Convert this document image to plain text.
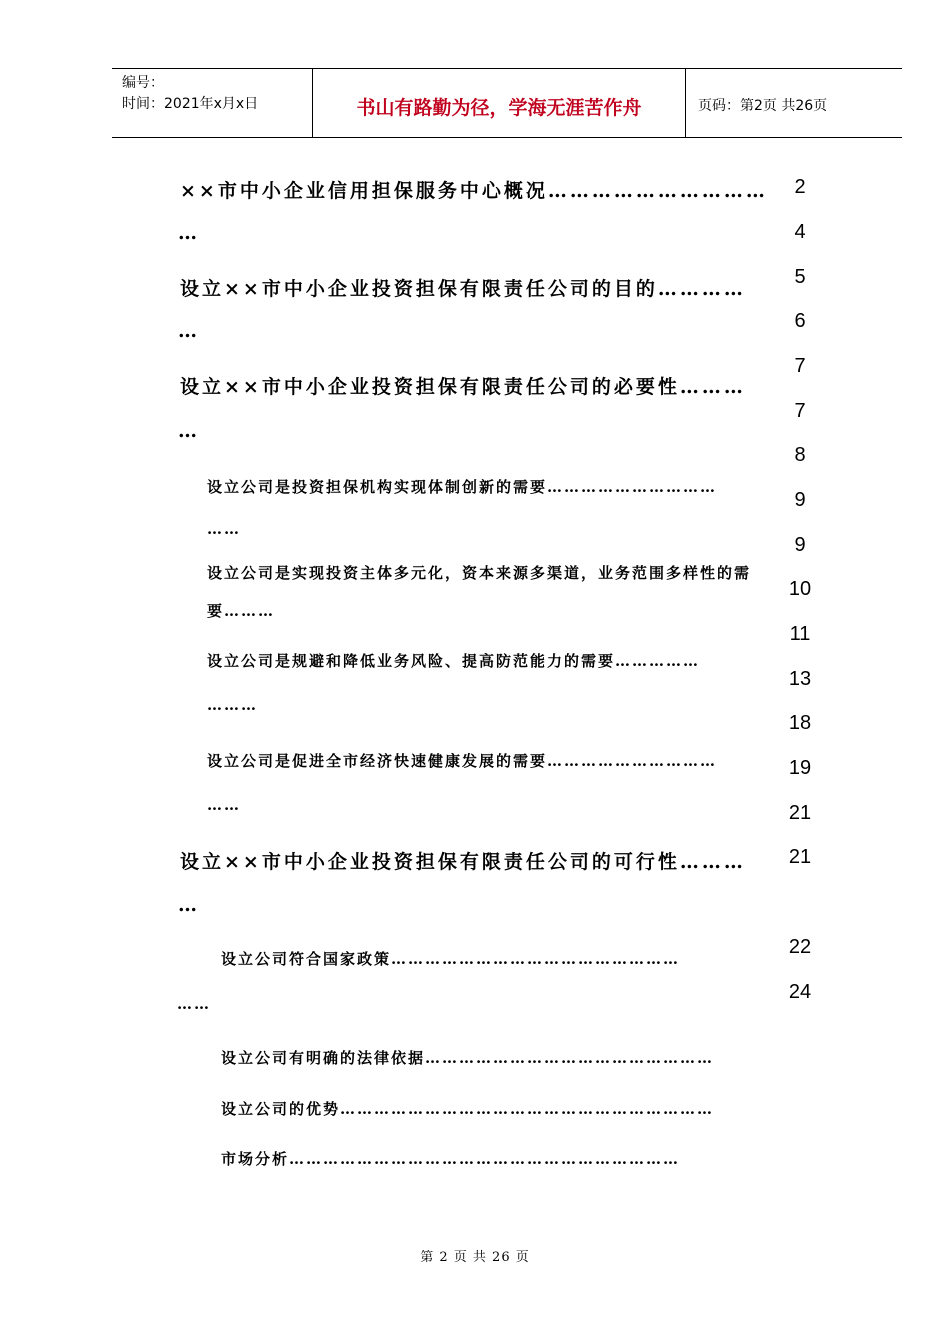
编号：
时间：2021年x月x日	书山有路勤为径，学海无涯苦作舟	页码：第2页 共26页
××市中小企业信用担保服务中心概况…………………………
…
设立××市中小企业投资担保有限责任公司的目的…………
…
设立××市中小企业投资担保有限责任公司的必要性………
…
设立公司是投资担保机构实现体制创新的需要…………………………
……
设立公司是实现投资主体多元化，资本来源多渠道，业务范围多样性的需
要………
设立公司是规避和降低业务风险、提高防范能力的需要……………
………
设立公司是促进全市经济快速健康发展的需要…………………………
……
设立××市中小企业投资担保有限责任公司的可行性………
…
设立公司符合国家政策……………………………………………
……
设立公司有明确的法律依据……………………………………………
设立公司的优势…………………………………………………………
市场分析……………………………………………………………
2
4
5
6
7
7
8
9
9
10
11
13
18
19
21
21
22
24
第 2 页 共 26 页
